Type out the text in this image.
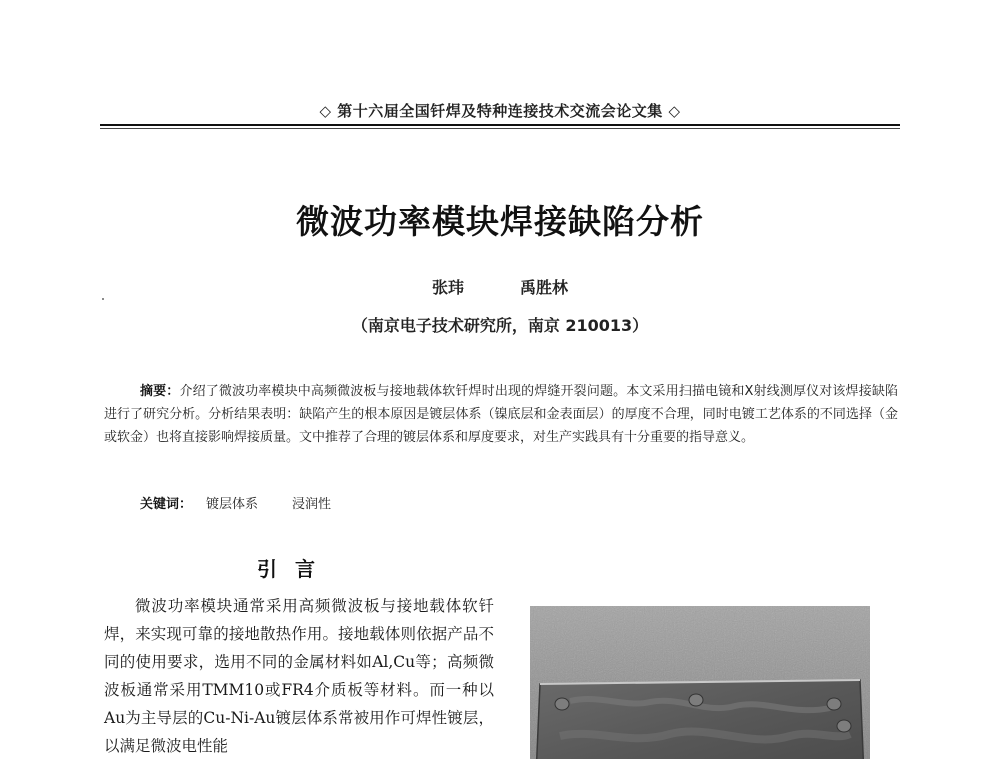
◇ 第十六届全国钎焊及特种连接技术交流会论文集 ◇
微波功率模块焊接缺陷分析
张玮	禹胜林
（南京电子技术研究所，南京 210013）
摘要：介绍了微波功率模块中高频微波板与接地载体软钎焊时出现的焊缝开裂问题。本文采用扫描电镜和X射线测厚仪对该焊接缺陷进行了研究分析。分析结果表明：缺陷产生的根本原因是镀层体系（镍底层和金表面层）的厚度不合理，同时电镀工艺体系的不同选择（金或软金）也将直接影响焊接质量。文中推荐了合理的镀层体系和厚度要求，对生产实践具有十分重要的指导意义。
关键词： 镀层体系	浸润性
引言
微波功率模块通常采用高频微波板与接地载体软钎焊，来实现可靠的接地散热作用。接地载体则依据产品不同的使用要求，选用不同的金属材料如Al,Cu等；高频微波板通常采用TMM10或FR4介质板等材料。而一种以Au为主导层的Cu-Ni-Au镀层体系常被用作可焊性镀层，以满足微波电性能
